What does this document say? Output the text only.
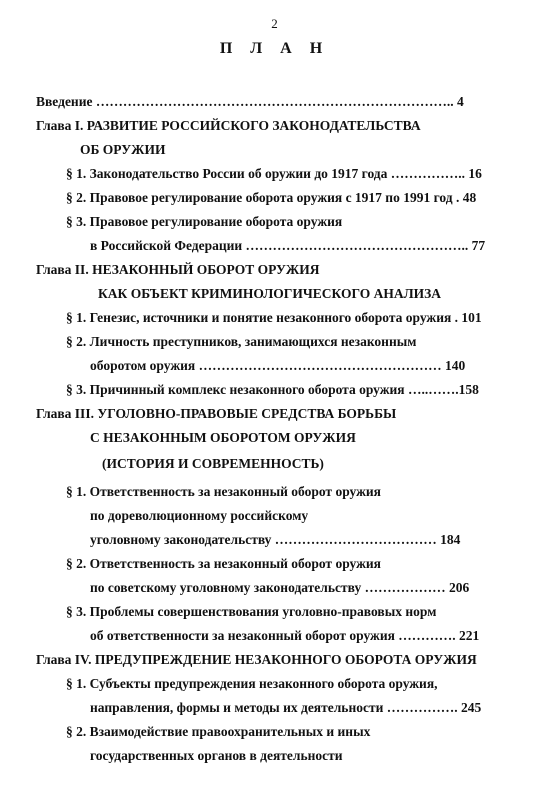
2
П Л А Н
Введение …………………………………………………………………….. 4
Глава I. РАЗВИТИЕ РОССИЙСКОГО ЗАКОНОДАТЕЛЬСТВА
ОБ ОРУЖИИ
§ 1. Законодательство России об оружии до 1917 года …………….. 16
§ 2. Правовое регулирование оборота оружия с 1917 по 1991 год . 48
§ 3. Правовое регулирование оборота оружия
в Российской Федерации ………………………………………….. 77
Глава II. НЕЗАКОННЫЙ ОБОРОТ ОРУЖИЯ
КАК ОБЪЕКТ КРИМИНОЛОГИЧЕСКОГО АНАЛИЗА
§ 1. Генезис, источники и понятие незаконного оборота оружия . 101
§ 2. Личность преступников, занимающихся незаконным
оборотом оружия ……………………………………………… 140
§ 3. Причинный комплекс незаконного оборота оружия …..…….158
Глава III. УГОЛОВНО-ПРАВОВЫЕ СРЕДСТВА БОРЬБЫ
С НЕЗАКОННЫМ ОБОРОТОМ ОРУЖИЯ
(ИСТОРИЯ И СОВРЕМЕННОСТЬ)
§ 1. Ответственность за незаконный оборот оружия
по дореволюционному российскому
уголовному законодательству ……………………………… 184
§ 2. Ответственность за незаконный оборот оружия
по советскому уголовному законодательству ……………… 206
§ 3. Проблемы совершенствования уголовно-правовых норм
об ответственности за незаконный оборот оружия …………. 221
Глава IV. ПРЕДУПРЕЖДЕНИЕ НЕЗАКОННОГО ОБОРОТА ОРУЖИЯ
§ 1. Субъекты предупреждения незаконного оборота оружия,
направления, формы и методы их деятельности ……………. 245
§ 2. Взаимодействие правоохранительных и иных
государственных органов в деятельности
